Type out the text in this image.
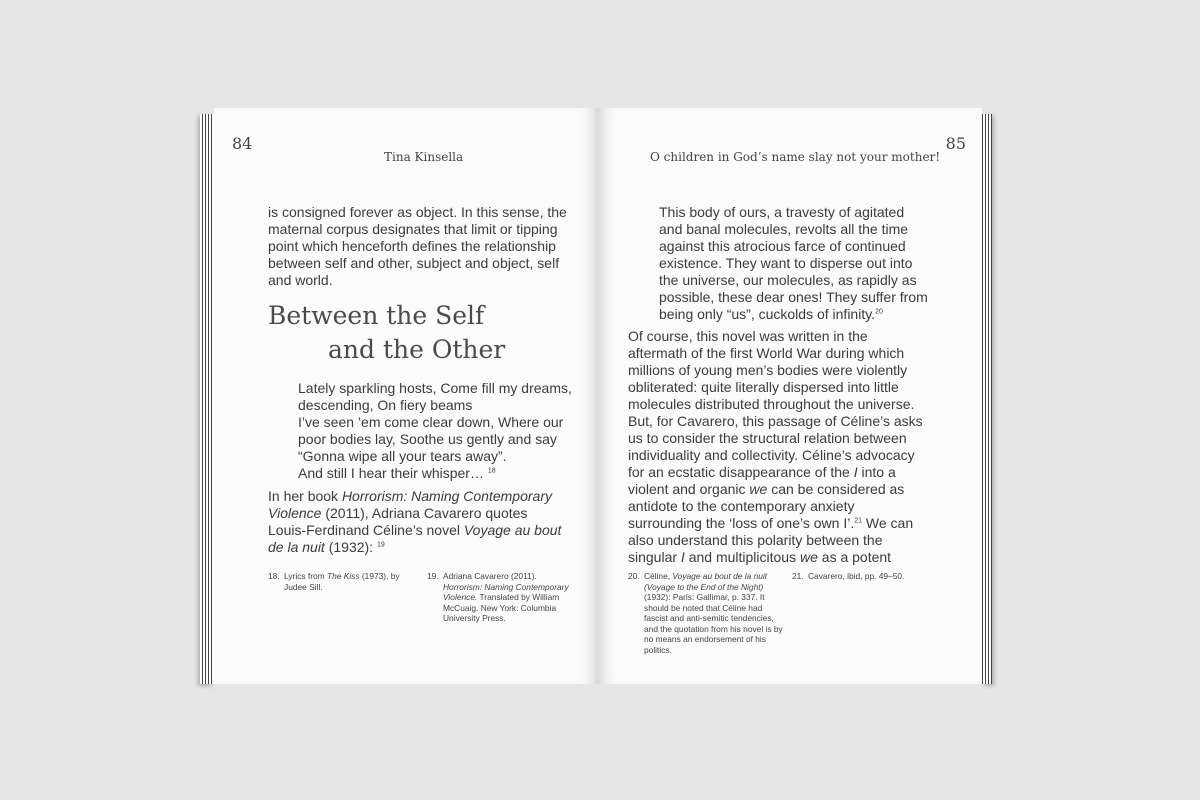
84
Tina Kinsella

is consigned forever as object. In this sense, the maternal corpus designates that limit or tipping point which henceforth defines the relationship between self and other, subject and object, self and world.

Between the Self
and the Other
Lately sparkling hosts, Come fill my dreams,
descending, On fiery beams
I’ve seen ’em come clear down, Where our
poor bodies lay, Soothe us gently and say
“Gonna wipe all your tears away”.
And still I hear their whisper… $^{18}$

In her book Horrorism: Naming Contemporary Violence (2011), Adriana Cavarero quotes Louis-Ferdinand Céline’s novel Voyage au bout de la nuit (1932): $^{19}$

18. Lyrics from The Kiss (1973), by Judee Sill.
19. Adriana Cavarero (2011). Horrorism: Naming Contemporary Violence. Translated by William McCuaig. New York: Columbia University Press.
85
O children in God’s name slay not your mother!

This body of ours, a travesty of agitated and banal molecules, revolts all the time against this atrocious farce of continued existence. They want to disperse out into the universe, our molecules, as rapidly as possible, these dear ones! They suffer from being only “us”, cuckolds of infinity.$^{20}$

Of course, this novel was written in the aftermath of the first World War during which millions of young men’s bodies were violently obliterated: quite literally dispersed into little molecules distributed throughout the universe. But, for Cavarero, this passage of Céline’s asks us to consider the structural relation between individuality and collectivity. Céline’s advocacy for an ecstatic disappearance of the I into a violent and organic we can be considered as antidote to the contemporary anxiety surrounding the ‘loss of one’s own I’.$^{21}$ We can also understand this polarity between the singular I and multiplicitous we as a potent

20. Céline, Voyage au bout de la nuit (Voyage to the End of the Night) (1932): Paris: Gallimar, p. 337. It should be noted that Céline had fascist and anti-semitic tendencies, and the quotation from his novel is by no means an endorsement of his politics.
21. Cavarero, ibid, pp. 49–50.
